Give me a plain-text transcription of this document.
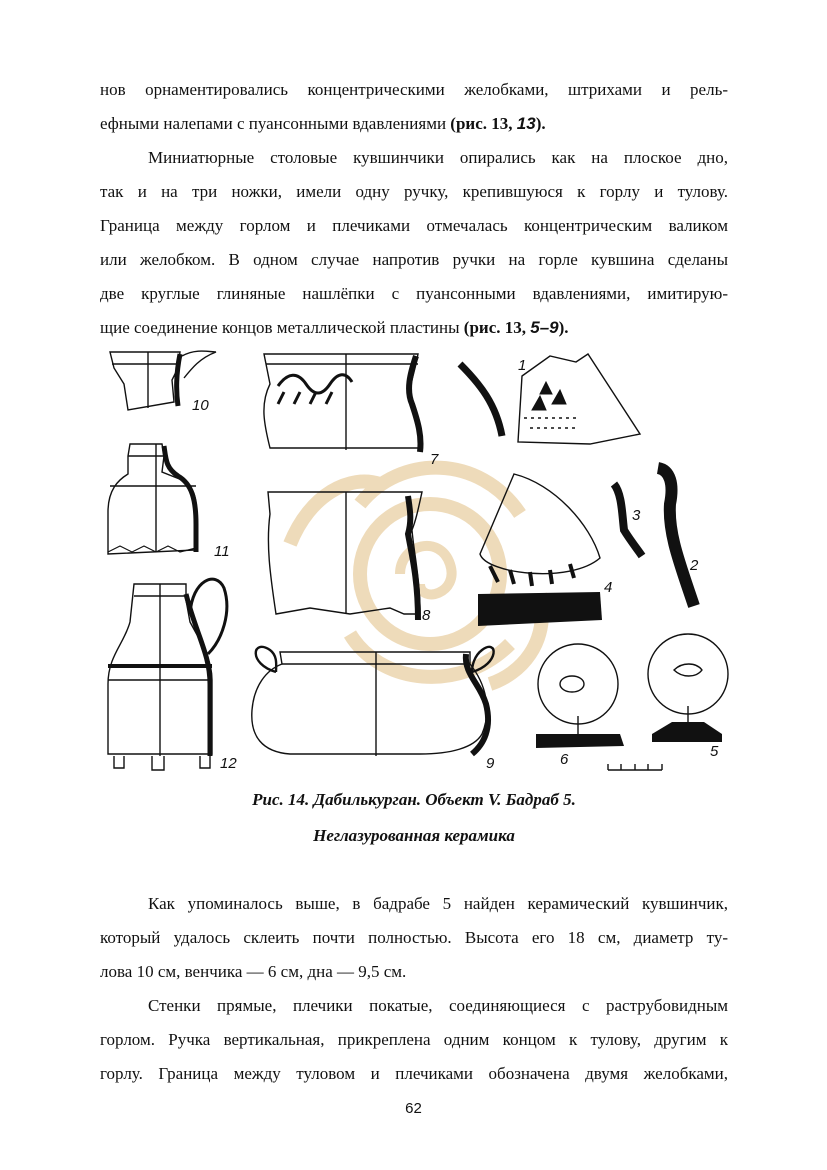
нов орнаментировались концентрическими желобками, штрихами и рель-
ефными налепами с пуансонными вдавлениями (рис. 13, 13).
Миниатюрные столовые кувшинчики опирались как на плоское дно,
так и на три ножки, имели одну ручку, крепившуюся к горлу и тулову.
Граница между горлом и плечиками отмечалась концентрическим валиком
или желобком. В одном случае напротив ручки на горле кувшина сделаны
две круглые глиняные нашлёпки с пуансонными вдавлениями, имитирую-
щие соединение концов металлической пластины (рис. 13, 5–9).
10
11
12
7
8
9
1
2
3
4
5
6
Рис. 14. Дабилькурган. Объект V. Бадраб 5.
Неглазурованная керамика
Как упоминалось выше, в бадрабе 5 найден керамический кувшинчик,
который удалось склеить почти полностью. Высота его 18 см, диаметр ту-
лова 10 см, венчика — 6 см, дна — 9,5 см.
Стенки прямые, плечики покатые, соединяющиеся с раструбовидным
горлом. Ручка вертикальная, прикреплена одним концом к тулову, другим к
горлу. Граница между туловом и плечиками обозначена двумя желобками,
62
